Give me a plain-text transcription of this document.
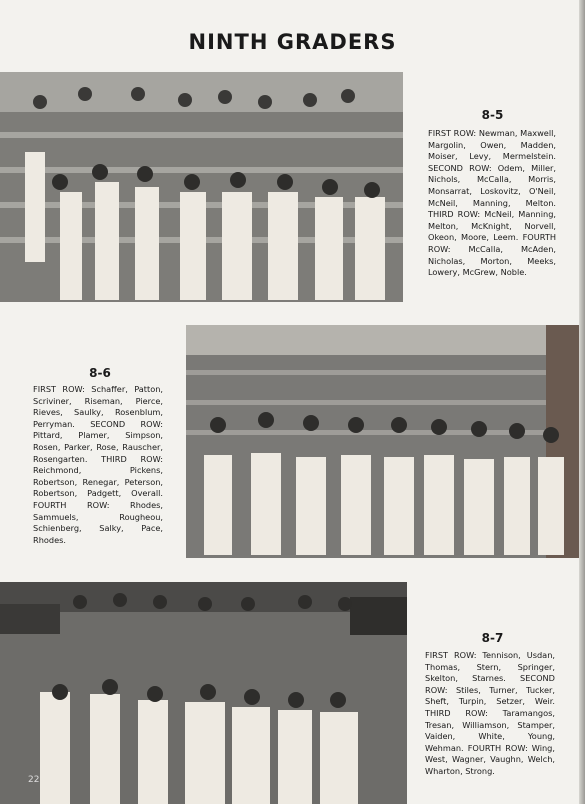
NINTH GRADERS
8-5
FIRST ROW: Newman, Maxwell, Margolin, Owen, Madden, Moiser, Levy, Mermelstein. SECOND ROW: Odem, Miller, Nichols, McCalla, Morris, Monsarrat, Loskovitz, O'Neil, McNeil, Manning, Melton. THIRD ROW: McNeil, Manning, Melton, McKnight, Norvell, Okeon, Moore, Leem. FOURTH ROW: McCalla, McAden, Nicholas, Morton, Meeks, Lowery, McGrew, Noble.
8-6
FIRST ROW: Schaffer, Patton, Scriviner, Riseman, Pierce, Rieves, Saulky, Rosenblum, Perryman. SECOND ROW: Pittard, Plamer, Simpson, Rosen, Parker, Rose, Rauscher, Rosengarten. THIRD ROW: Reichmond, Pickens, Robertson, Renegar, Peterson, Robertson, Padgett, Overall. FOURTH ROW: Rhodes, Sammuels, Rougheou, Schienberg, Salky, Pace, Rhodes.
8-7
FIRST ROW: Tennison, Usdan, Thomas, Stern, Springer, Skelton, Starnes. SECOND ROW: Stiles, Turner, Tucker, Sheft, Turpin, Setzer, Weir. THIRD ROW: Taramangos, Tresan, Williamson, Stamper, Vaiden, White, Young, Wehman. FOURTH ROW: Wing, West, Wagner, Vaughn, Welch, Wharton, Strong.
22
